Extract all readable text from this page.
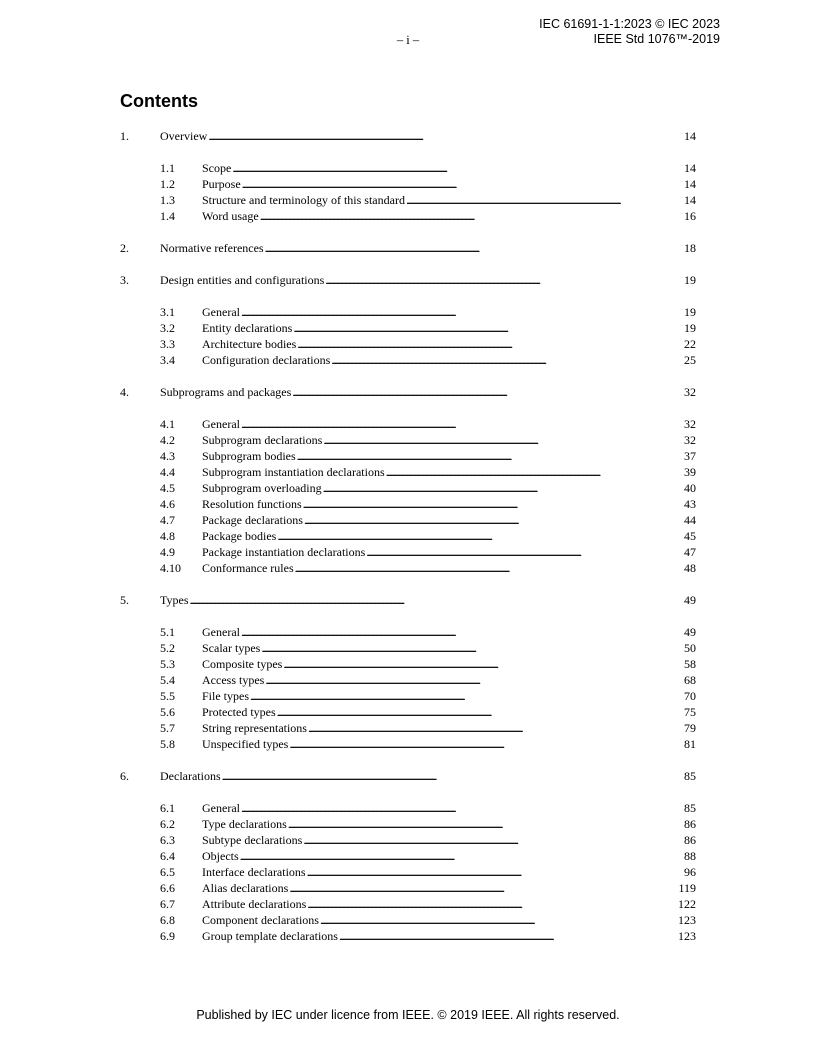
IEC 61691-1-1:2023 © IEC 2023
IEEE Std 1076™-2019
– i –
Contents
1.	Overview . . .	14
1.1	Scope . . .	14
1.2	Purpose . . .	14
1.3	Structure and terminology of this standard . . .	14
1.4	Word usage . . .	16
2.	Normative references . . .	18
3.	Design entities and configurations . . .	19
3.1	General . . .	19
3.2	Entity declarations . . .	19
3.3	Architecture bodies . . .	22
3.4	Configuration declarations . . .	25
4.	Subprograms and packages . . .	32
4.1	General . . .	32
4.2	Subprogram declarations . . .	32
4.3	Subprogram bodies . . .	37
4.4	Subprogram instantiation declarations . . .	39
4.5	Subprogram overloading . . .	40
4.6	Resolution functions . . .	43
4.7	Package declarations . . .	44
4.8	Package bodies . . .	45
4.9	Package instantiation declarations . . .	47
4.10	Conformance rules . . .	48
5.	Types . . .	49
5.1	General . . .	49
5.2	Scalar types . . .	50
5.3	Composite types . . .	58
5.4	Access types . . .	68
5.5	File types . . .	70
5.6	Protected types . . .	75
5.7	String representations . . .	79
5.8	Unspecified types . . .	81
6.	Declarations . . .	85
6.1	General . . .	85
6.2	Type declarations . . .	86
6.3	Subtype declarations . . .	86
6.4	Objects . . .	88
6.5	Interface declarations . . .	96
6.6	Alias declarations . . .	119
6.7	Attribute declarations . . .	122
6.8	Component declarations . . .	123
6.9	Group template declarations . . .	123
Published by IEC under licence from IEEE. © 2019 IEEE. All rights reserved.
